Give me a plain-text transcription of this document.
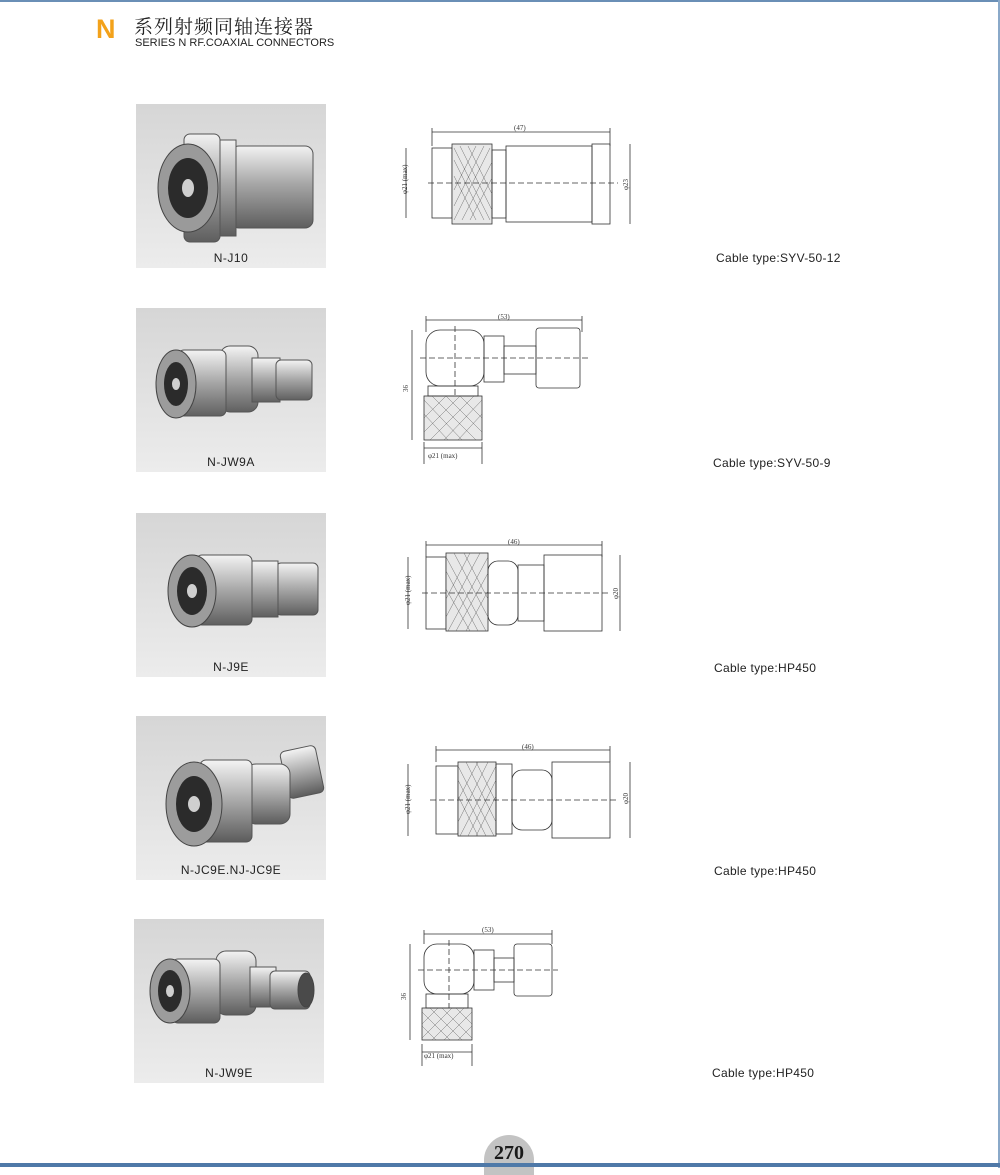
N 系列射频同轴连接器
SERIES N RF.COAXIAL CONNECTORS
N-J10
(47)
φ21 (max)	φ23
Cable type:SYV-50-12
N-JW9A
(53)
36
φ21 (max)	Cable type:SYV-50-9
N-J9E
(46)
φ21 (max)	φ20
Cable type:HP450
N-JC9E.NJ-JC9E
(46)
φ21 (max)	φ20
Cable type:HP450
N-JW9E
(53)
36
φ21 (max)
Cable type:HP450
270
